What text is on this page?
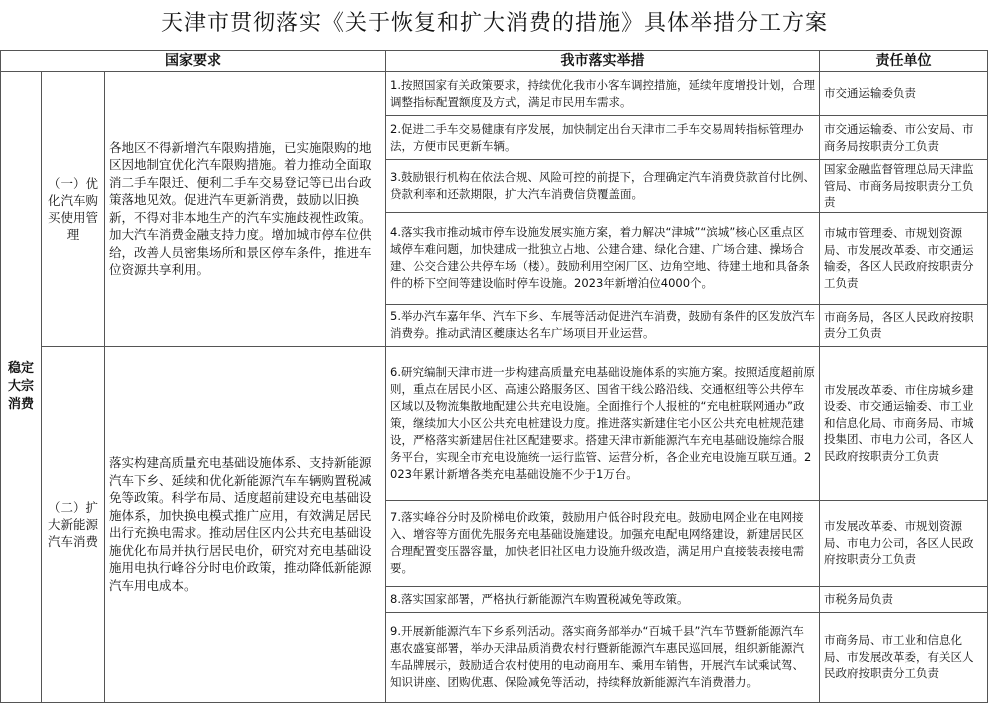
天津市贯彻落实《关于恢复和扩大消费的措施》具体举措分工方案
国家要求			我市落实举措	责任单位
稳定大宗消费	（一）优化汽车购买使用管理	各地区不得新增汽车限购措施，已实施限购的地区因地制宜优化汽车限购措施。着力推动全面取消二手车限迁、便利二手车交易登记等已出台政策落地见效。促进汽车更新消费，鼓励以旧换新，不得对非本地生产的汽车实施歧视性政策。加大汽车消费金融支持力度。增加城市停车位供给，改善人员密集场所和景区停车条件，推进车位资源共享利用。	1.按照国家有关政策要求，持续优化我市小客车调控措施，延续年度增投计划，合理调整指标配置额度及方式，满足市民用车需求。	市交通运输委负责
			2.促进二手车交易健康有序发展，加快制定出台天津市二手车交易周转指标管理办法，方便市民更新车辆。	市交通运输委、市公安局、市商务局按职责分工负责
			3.鼓励银行机构在依法合规、风险可控的前提下，合理确定汽车消费贷款首付比例、贷款利率和还款期限，扩大汽车消费信贷覆盖面。	国家金融监督管理总局天津监管局、市商务局按职责分工负责
			4.落实我市推动城市停车设施发展实施方案，着力解决“津城”“滨城”核心区重点区域停车难问题，加快建成一批独立占地、公建合建、绿化合建、广场合建、操场合建、公交合建公共停车场（楼）。鼓励利用空闲厂区、边角空地、待建土地和具备条件的桥下空间等建设临时停车设施。2023年新增泊位4000个。	市城市管理委、市规划资源局、市发展改革委、市交通运输委，各区人民政府按职责分工负责
			5.举办汽车嘉年华、汽车下乡、车展等活动促进汽车消费，鼓励有条件的区发放汽车消费券。推动武清区夔康达名车广场项目开业运营。	市商务局，各区人民政府按职责分工负责
	（二）扩大新能源汽车消费	落实构建高质量充电基础设施体系、支持新能源汽车下乡、延续和优化新能源汽车车辆购置税减免等政策。科学布局、适度超前建设充电基础设施体系，加快换电模式推广应用，有效满足居民出行充换电需求。推动居住区内公共充电基础设施优化布局并执行居民电价，研究对充电基础设施用电执行峰谷分时电价政策，推动降低新能源汽车用电成本。	6.研究编制天津市进一步构建高质量充电基础设施体系的实施方案。按照适度超前原则，重点在居民小区、高速公路服务区、国省干线公路沿线、交通枢纽等公共停车区域以及物流集散地配建公共充电设施。全面推行个人报桩的“充电桩联网通办”政策，继续加大小区公共充电桩建设力度。推进落实新建住宅小区公共充电桩规范建设，严格落实新建居住社区配建要求。搭建天津市新能源汽车充电基础设施综合服务平台，实现全市充电设施统一运行监管、运营分析，各企业充电设施互联互通。2023年累计新增各类充电基础设施不少于1万台。	市发展改革委、市住房城乡建设委、市交通运输委、市工业和信息化局、市商务局、市城投集团、市电力公司，各区人民政府按职责分工负责
			7.落实峰谷分时及阶梯电价政策，鼓励用户低谷时段充电。鼓励电网企业在电网接入、增容等方面优先服务充电基础设施建设。加强充电配电网络建设，新建居民区合理配置变压器容量，加快老旧社区电力设施升级改造，满足用户直接装表接电需要。	市发展改革委、市规划资源局、市电力公司，各区人民政府按职责分工负责
			8.落实国家部署，严格执行新能源汽车购置税减免等政策。	市税务局负责
			9.开展新能源汽车下乡系列活动。落实商务部举办“百城千县”汽车节暨新能源汽车惠农盛宴部署，举办天津品质消费农村行暨新能源汽车惠民巡回展，组织新能源汽车品牌展示，鼓励适合农村使用的电动商用车、乘用车销售，开展汽车试乘试驾、知识讲座、团购优惠、保险减免等活动，持续释放新能源汽车消费潜力。	市商务局、市工业和信息化局、市发展改革委，有关区人民政府按职责分工负责
